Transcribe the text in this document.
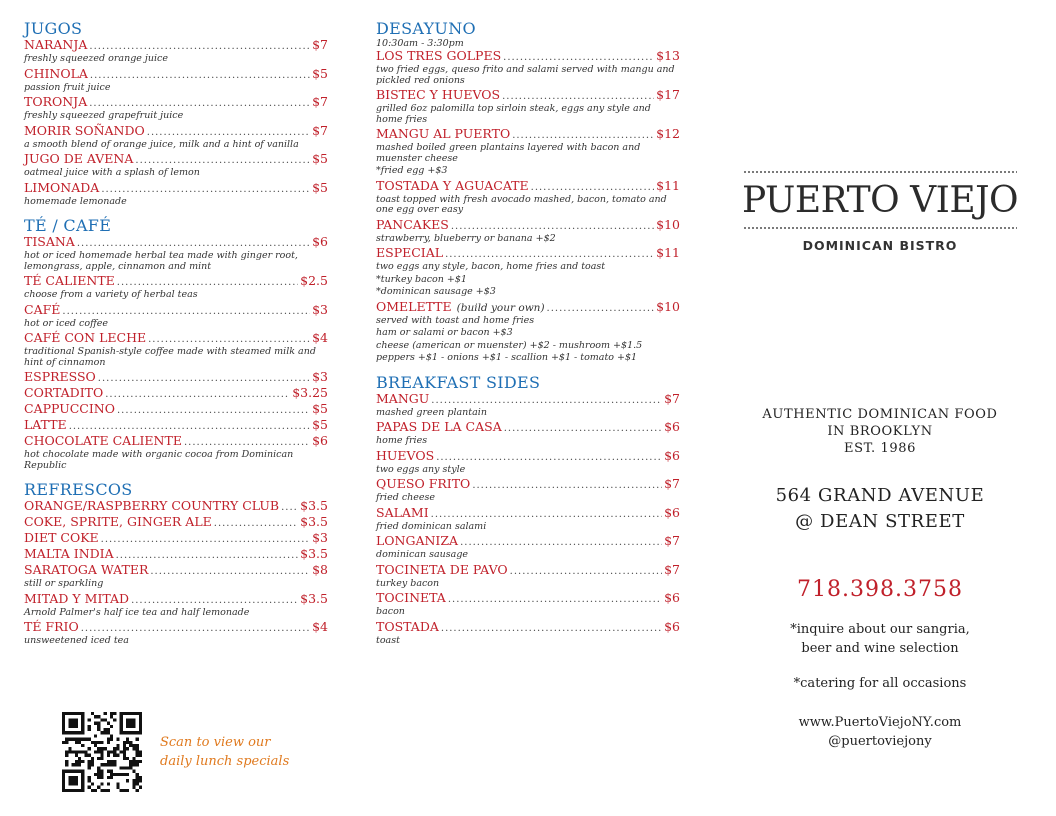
JUGOS
NARANJA .....	$7
freshly squeezed orange juice
CHINOLA .....	$5
passion fruit juice
TORONJA .....	$7
freshly squeezed grapefruit juice
MORIR SOÑANDO .....	$7
a smooth blend of orange juice, milk and a hint of vanilla
JUGO DE AVENA .....	$5
oatmeal juice with a splash of lemon
LIMONADA .....	$5
homemade lemonade
TÉ / CAFÉ
TISANA .....	$6
hot or iced homemade herbal tea made with ginger root, lemongrass, apple, cinnamon and mint
TÉ CALIENTE .....	$2.5
choose from a variety of herbal teas
CAFÉ .....	$3
hot or iced coffee
CAFÉ CON LECHE .....	$4
traditional Spanish-style coffee made with steamed milk and hint of cinnamon
ESPRESSO .....	$3
CORTADITO .....	$3.25
CAPPUCCINO .....	$5
LATTE .....	$5
CHOCOLATE CALIENTE .....	$6
hot chocolate made with organic cocoa from Dominican Republic
REFRESCOS
ORANGE/RASPBERRY COUNTRY CLUB ..... $3.5
COKE, SPRITE, GINGER ALE .....	$3.5
DIET COKE .....	$3
MALTA INDIA .....	$3.5
SARATOGA WATER .....	$8
still or sparkling
MITAD Y MITAD .....	$3.5
Arnold Palmer's half ice tea and half lemonade
TÉ FRIO .....	$4
unsweetened iced tea
DESAYUNO
10:30am - 3:30pm
LOS TRES GOLPES .....	$13
two fried eggs, queso frito and salami served with mangu and pickled red onions
BISTEC Y HUEVOS .....	$17
grilled 6oz palomilla top sirloin steak, eggs any style and home fries
MANGU AL PUERTO .....	$12
mashed boiled green plantains layered with bacon and muenster cheese
*fried egg +$3
TOSTADA Y AGUACATE .....	$11
toast topped with fresh avocado mashed, bacon, tomato and one egg over easy
PANCAKES .....	$10
strawberry, blueberry or banana +$2
ESPECIAL .....	$11
two eggs any style, bacon, home fries and toast
*turkey bacon +$1
*dominican sausage +$3
OMELETTE (build your own) .....	$10
served with toast and home fries
ham or salami or bacon +$3
cheese (american or muenster) +$2 - mushroom +$1.5
peppers +$1 - onions +$1 - scallion +$1 - tomato +$1
BREAKFAST SIDES
MANGU .....	$7
mashed green plantain
PAPAS DE LA CASA .....	$6
home fries
HUEVOS .....	$6
two eggs any style
QUESO FRITO .....	$7
fried cheese
SALAMI .....	$6
fried dominican salami
LONGANIZA .....	$7
dominican sausage
TOCINETA DE PAVO .....	$7
turkey bacon
TOCINETA .....	$6
bacon
TOSTADA .....	$6
toast
Scan to view our
daily lunch specials
PUERTO VIEJO
DOMINICAN BISTRO
AUTHENTIC DOMINICAN FOOD
IN BROOKLYN
EST. 1986
564 GRAND AVENUE
@ DEAN STREET
718.398.3758
*inquire about our sangria,
beer and wine selection
*catering for all occasions
www.PuertoViejoNY.com
@puertoviejony
